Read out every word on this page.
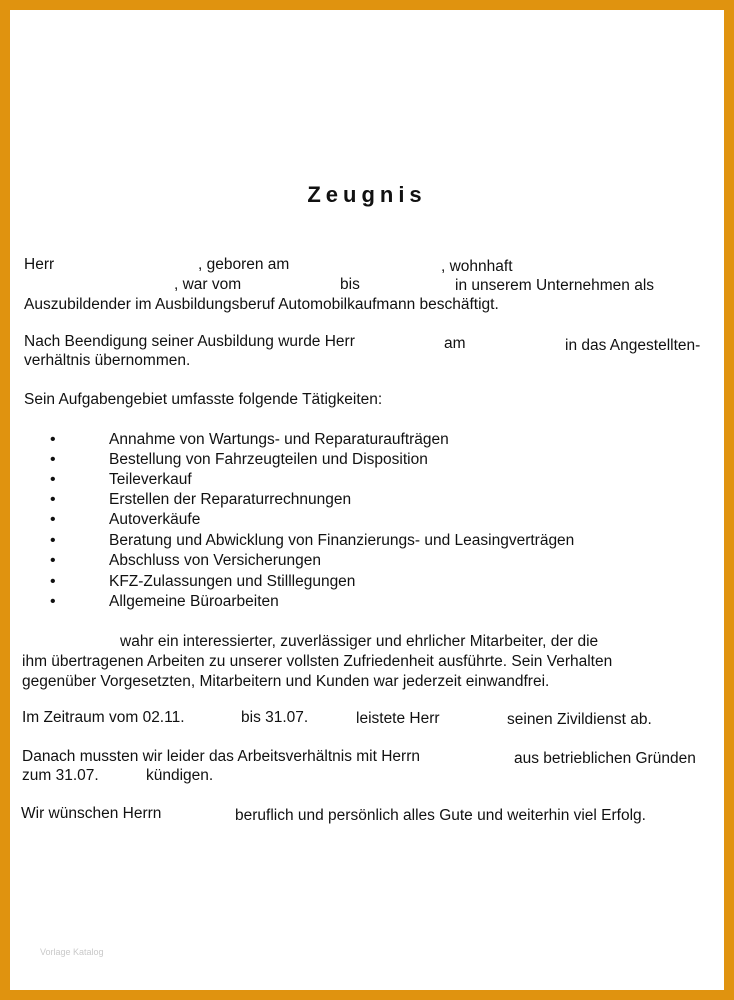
Zeugnis
Herr	, geboren am	, wohnhaft
, war vom	bis	in unserem Unternehmen als
Auszubildender im Ausbildungsberuf Automobilkaufmann beschäftigt.
Nach Beendigung seiner Ausbildung wurde Herr	am	in das Angestellten-
verhältnis übernommen.
Sein Aufgabengebiet umfasste folgende Tätigkeiten:
•	Annahme von Wartungs- und Reparaturaufträgen
•	Bestellung von Fahrzeugteilen und Disposition
•	Teileverkauf
•	Erstellen der Reparaturrechnungen
•	Autoverkäufe
•	Beratung und Abwicklung von Finanzierungs- und Leasingverträgen
•	Abschluss von Versicherungen
•	KFZ-Zulassungen und Stilllegungen
•	Allgemeine Büroarbeiten
wahr ein interessierter, zuverlässiger und ehrlicher Mitarbeiter, der die
ihm übertragenen Arbeiten zu unserer vollsten Zufriedenheit ausführte. Sein Verhalten
gegenüber Vorgesetzten, Mitarbeitern und Kunden war jederzeit einwandfrei.
Im Zeitraum vom 02.11.	bis 31.07.	leistete Herr	seinen Zivildienst ab.
Danach mussten wir leider das Arbeitsverhältnis mit Herrn	aus betrieblichen Gründen
zum 31.07.	kündigen.
Wir wünschen Herrn	beruflich und persönlich alles Gute und weiterhin viel Erfolg.
Vorlage Katalog
